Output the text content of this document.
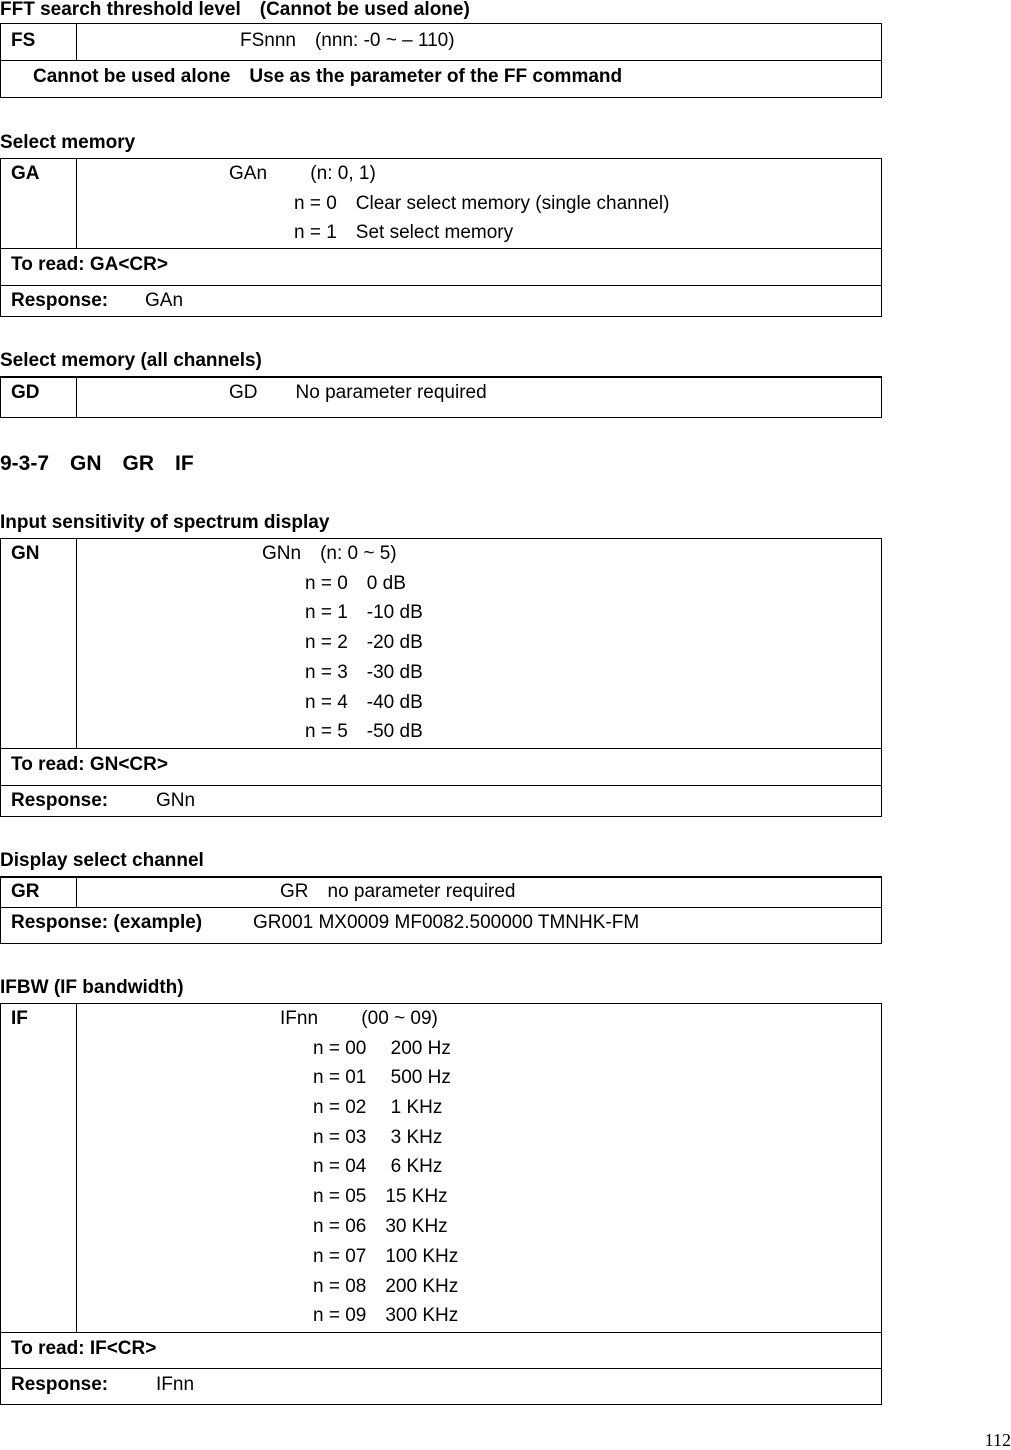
FFT search threshold level　(Cannot be used alone)
FS	FSnnn　(nnn: -0 ~ – 110)
Cannot be used alone　Use as the parameter of the FF command
Select memory
GA	GAn　　 (n: 0, 1)
n = 0　Clear select memory (single channel)
n = 1　Set select memory
To read: GA<CR>
Response: GAn
Select memory (all channels)
GD	GD　　No parameter required
9-3-7　GN　GR　IF
Input sensitivity of spectrum display
GN	GNn　(n: 0 ~ 5)
n = 0　0 dB
n = 1　-10 dB
n = 2　-20 dB
n = 3　-30 dB
n = 4　-40 dB
n = 5　-50 dB
To read: GN<CR>
Response:	GNn
Display select channel
GR	GR　no parameter required
Response: (example)	GR001 MX0009 MF0082.500000 TMNHK-FM
IFBW (IF bandwidth)
IF	IFnn　　 (00 ~ 09)
n = 00　 200 Hz
n = 01　 500 Hz
n = 02　 1 KHz
n = 03　 3 KHz
n = 04　 6 KHz
n = 05　15 KHz
n = 06　30 KHz
n = 07　100 KHz
n = 08　200 KHz
n = 09　300 KHz
To read: IF<CR>
Response:	IFnn
112
